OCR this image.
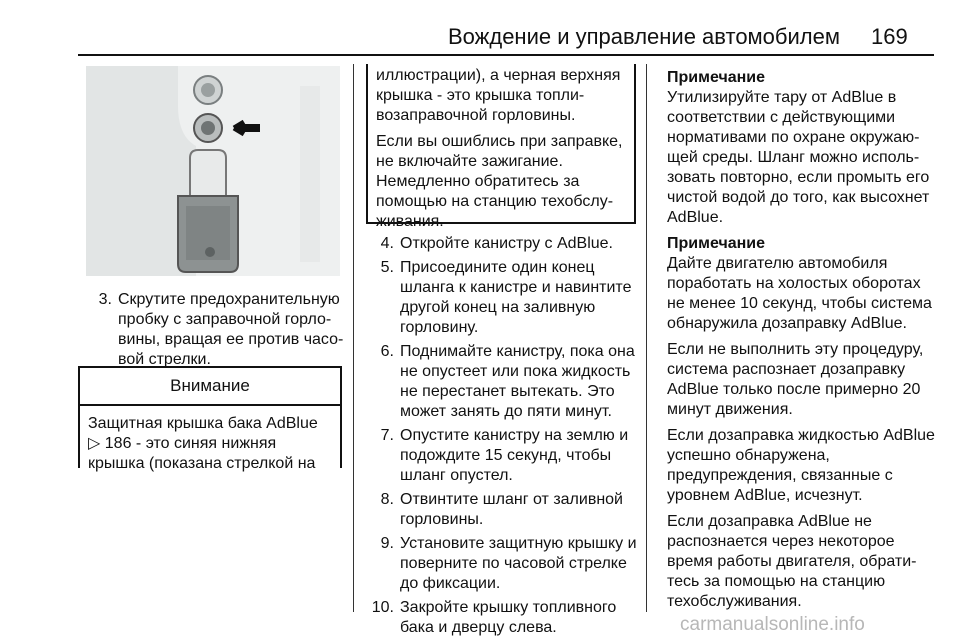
Вождение и управление автомобилем 169
3. Скрутите предохранительную пробку с заправочной горловины, вращая ее против часовой стрелки.
Внимание
Защитная крышка бака AdBlue
▷ 186 - это синяя нижняя крышка (показана стрелкой на

иллюстрации), а черная верхняя крышка - это крышка топливозаправочной горловины.

Если вы ошиблись при заправке, не включайте зажигание. Немедленно обратитесь за помощью на станцию техобслуживания.

4. Откройте канистру с AdBlue.
5. Присоедините один конец шланга к канистре и навинтите другой конец на заливную горловину.
6. Поднимайте канистру, пока она не опустеет или пока жидкость не перестанет вытекать. Это может занять до пяти минут.
7. Опустите канистру на землю и подождите 15 секунд, чтобы шланг опустел.
8. Отвинтите шланг от заливной горловины.
9. Установите защитную крышку и поверните по часовой стрелке до фиксации.
10. Закройте крышку топливного бака и дверцу слева.
Примечание

Утилизируйте тару от AdBlue в соответствии с действующими нормативами по охране окружающей среды. Шланг можно использовать повторно, если промыть его чистой водой до того, как высохнет AdBlue.

Примечание

Дайте двигателю автомобиля поработать на холостых оборотах не менее 10 секунд, чтобы система обнаружила дозаправку AdBlue.

Если не выполнить эту процедуру, система распознает дозаправку AdBlue только после примерно 20 минут движения.

Если дозаправка жидкостью AdBlue успешно обнаружена, предупреждения, связанные с уровнем AdBlue, исчезнут.

Если дозаправка AdBlue не распознается через некоторое время работы двигателя, обратитесь за помощью на станцию техобслуживания.

carmanualsonline.info
